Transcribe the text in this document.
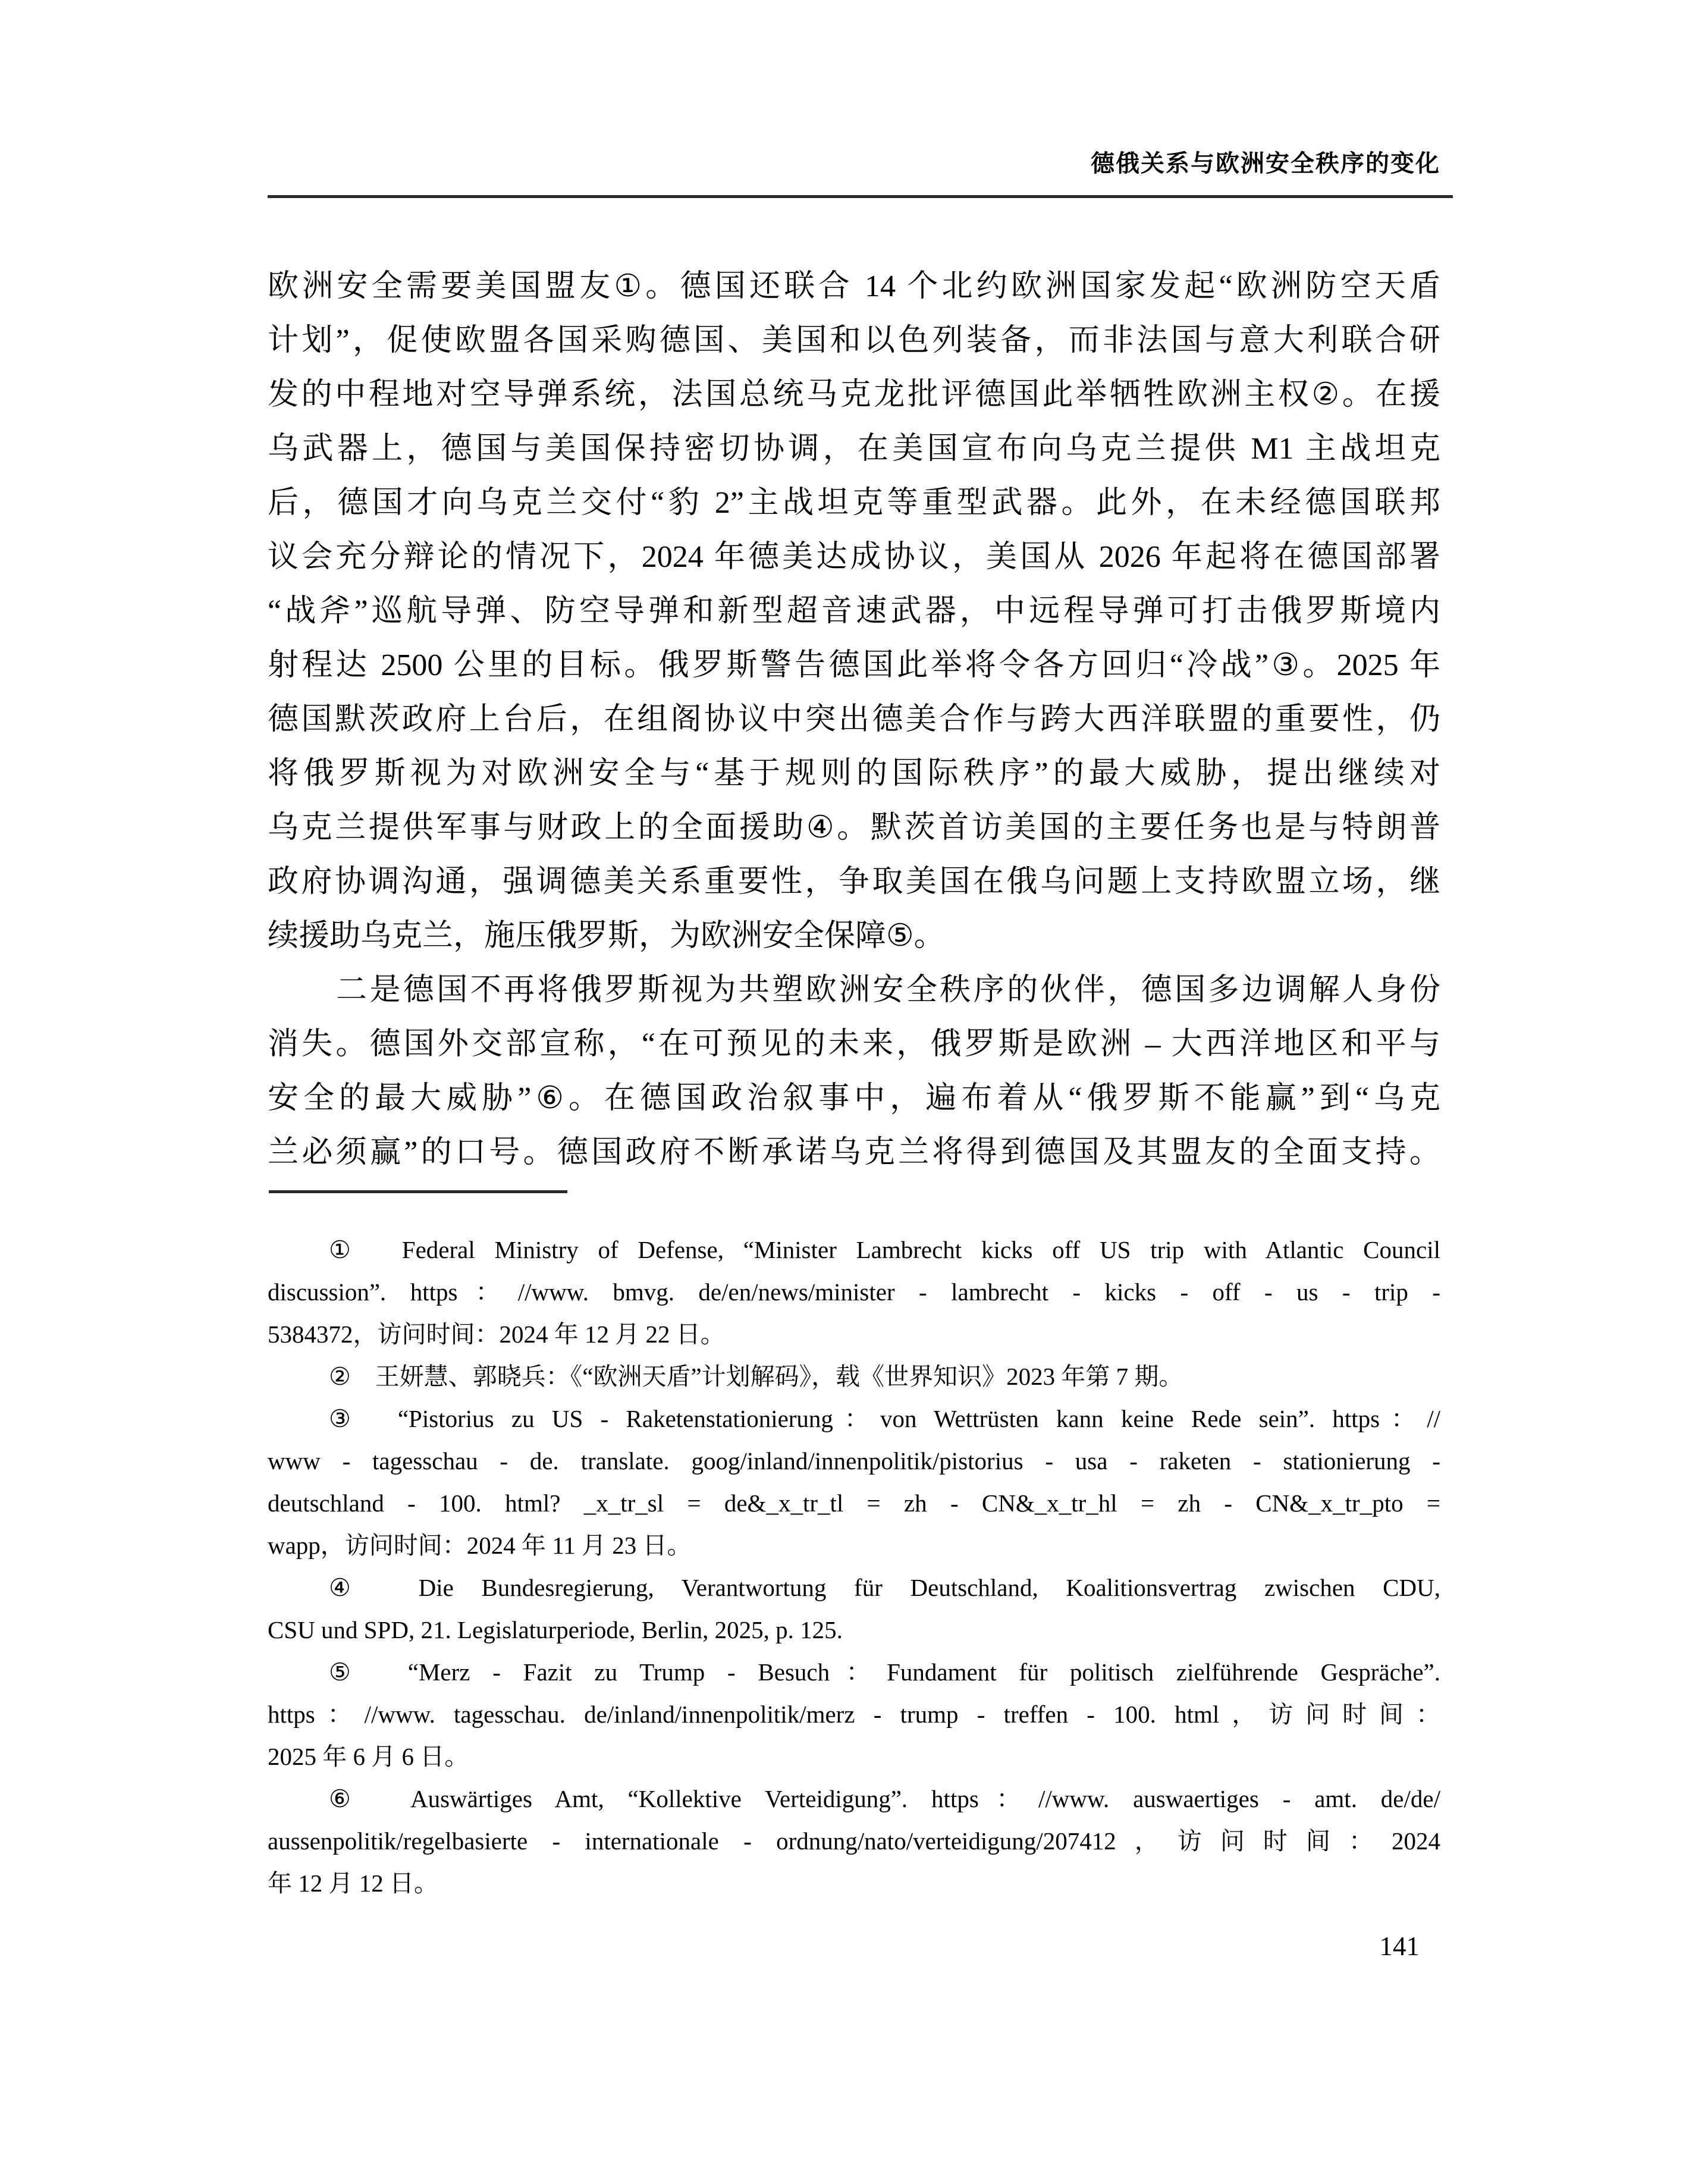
德俄关系与欧洲安全秩序的变化
欧洲安全需要美国盟友①。德国还联合 14 个北约欧洲国家发起“欧洲防空天盾
计划”，促使欧盟各国采购德国、美国和以色列装备，而非法国与意大利联合研
发的中程地对空导弹系统，法国总统马克龙批评德国此举牺牲欧洲主权②。在援
乌武器上，德国与美国保持密切协调，在美国宣布向乌克兰提供 M1 主战坦克
后，德国才向乌克兰交付“豹 2”主战坦克等重型武器。此外，在未经德国联邦
议会充分辩论的情况下，2024 年德美达成协议，美国从 2026 年起将在德国部署
“战斧”巡航导弹、防空导弹和新型超音速武器，中远程导弹可打击俄罗斯境内
射程达 2500 公里的目标。俄罗斯警告德国此举将令各方回归“冷战”③。2025 年
德国默茨政府上台后，在组阁协议中突出德美合作与跨大西洋联盟的重要性，仍
将俄罗斯视为对欧洲安全与“基于规则的国际秩序”的最大威胁，提出继续对
乌克兰提供军事与财政上的全面援助④。默茨首访美国的主要任务也是与特朗普
政府协调沟通，强调德美关系重要性，争取美国在俄乌问题上支持欧盟立场，继
续援助乌克兰，施压俄罗斯，为欧洲安全保障⑤。
二是德国不再将俄罗斯视为共塑欧洲安全秩序的伙伴，德国多边调解人身份
消失。德国外交部宣称，“在可预见的未来，俄罗斯是欧洲 – 大西洋地区和平与
安全的最大威胁”⑥。在德国政治叙事中，遍布着从“俄罗斯不能赢”到“乌克
兰必须赢”的口号。德国政府不断承诺乌克兰将得到德国及其盟友的全面支持。
①　Federal Ministry of Defense, “Minister Lambrecht kicks off US trip with Atlantic Council
discussion”. https：//www. bmvg. de/en/news/minister - lambrecht - kicks - off - us - trip -
5384372，访问时间：2024 年 12 月 22 日。
②　王妍慧、郭晓兵：《“欧洲天盾”计划解码》，载《世界知识》2023 年第 7 期。
③　“Pistorius zu US - Raketenstationierung：von Wettrüsten kann keine Rede sein”. https：//
www - tagesschau - de. translate. goog/inland/innenpolitik/pistorius - usa - raketen - stationierung -
deutschland - 100. html? _x_tr_sl = de&_x_tr_tl = zh - CN&_x_tr_hl = zh - CN&_x_tr_pto =
wapp，访问时间：2024 年 11 月 23 日。
④　Die Bundesregierung, Verantwortung für Deutschland, Koalitionsvertrag zwischen CDU,
CSU und SPD, 21. Legislaturperiode, Berlin, 2025, p. 125.
⑤　“Merz - Fazit zu Trump - Besuch：Fundament für politisch zielführende Gespräche”.
https：//www. tagesschau. de/inland/innenpolitik/merz - trump - treffen - 100. html，访问时间：
2025 年 6 月 6 日。
⑥　Auswärtiges Amt, “Kollektive Verteidigung”. https：//www. auswaertiges - amt. de/de/
aussenpolitik/regelbasierte - internationale - ordnung/nato/verteidigung/207412，访问时间：2024
年 12 月 12 日。
141
